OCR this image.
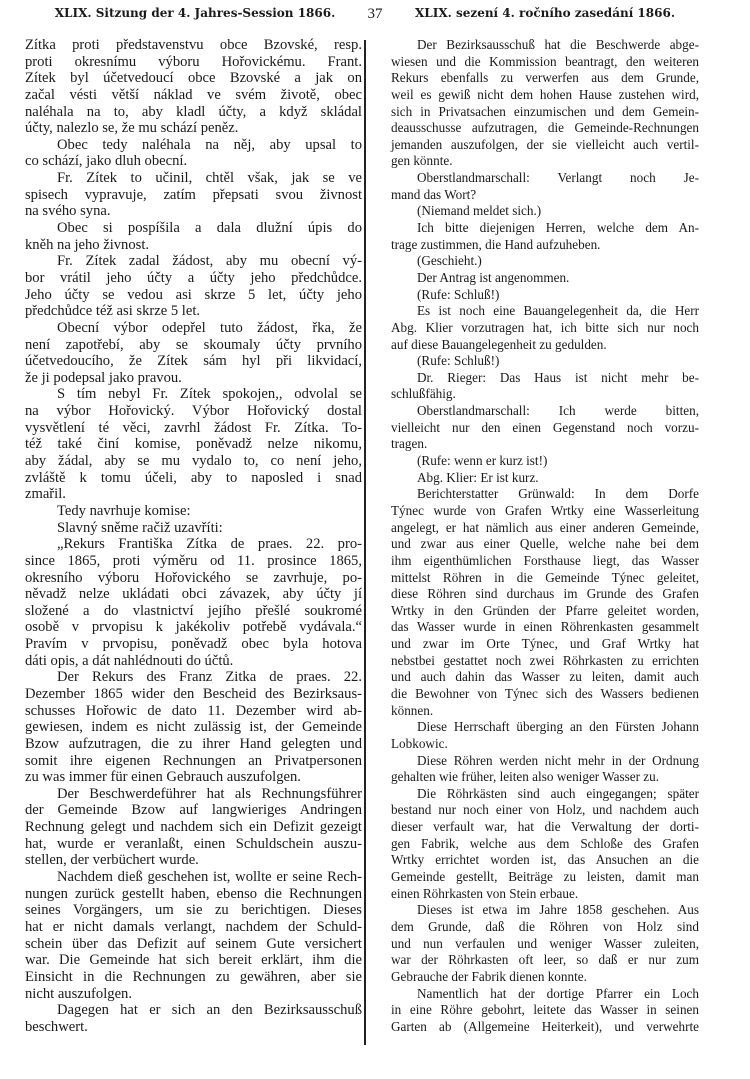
XLIX. Sitzung der 4. Jahres-Session 1866.	37	XLIX. sezení 4. ročního zasedání 1866.
Zítka proti představenstvu obce Bzovské, resp.
proti okresnímu výboru Hořovickému. Frant.
Zítek byl účetvedoucí obce Bzovské a jak on
začal vésti větší náklad ve svém životě, obec
naléhala na to, aby kladl účty, a když skládal
účty, nalezlo se, že mu schází peněz.
Obec tedy naléhala na něj, aby upsal to
co schází, jako dluh obecní.
Fr. Zítek to učinil, chtěl však, jak se ve
spisech vypravuje, zatím přepsati svou živnost
na svého syna.
Obec si pospíšila a dala dlužní úpis do
kněh na jeho živnost.
Fr. Zítek zadal žádost, aby mu obecní vý-
bor vrátil jeho účty a účty jeho předchůdce.
Jeho účty se vedou asi skrze 5 let, účty jeho
předchůdce též asi skrze 5 let.
Obecní výbor odepřel tuto žádost, řka, že
není zapotřebí, aby se skoumaly účty prvního
účetvedoucího, že Zítek sám hyl při likvidací,
že ji podepsal jako pravou.
S tím nebyl Fr. Zítek spokojen,, odvolal se
na výbor Hořovický. Výbor Hořovický dostal
vysvětlení té věci, zavrhl žádost Fr. Zítka. To-
též také činí komise, poněvadž nelze nikomu,
aby žádal, aby se mu vydalo to, co není jeho,
zvláště k tomu účeli, aby to naposled i snad
zmařil.
Tedy navrhuje komise:
Slavný sněme račiž uzavříti:
„Rekurs Františka Zítka de praes. 22. pro-
since 1865, proti výměru od 11. prosince 1865,
okresního výboru Hořovického se zavrhuje, po-
něvadž nelze ukládati obci závazek, aby účty jí
složené a do vlastnictví jejího přešlé soukromé
osobě v prvopisu k jakékoliv potřebě vydávala.“
Pravím v prvopisu, poněvadž obec byla hotova
dáti opis, a dát nahlédnouti do účtů.
Der Rekurs des Franz Zitka de praes. 22.
Dezember 1865 wider den Bescheid des Bezirksaus-
schusses Hořowic de dato 11. Dezember wird ab-
gewiesen, indem es nicht zulässig ist, der Gemeinde
Bzow aufzutragen, die zu ihrer Hand gelegten und
somit ihre eigenen Rechnungen an Privatpersonen
zu was immer für einen Gebrauch auszufolgen.
Der Beschwerdeführer hat als Rechnungsführer
der Gemeinde Bzow auf langwieriges Andringen
Rechnung gelegt und nachdem sich ein Defizit gezeigt
hat, wurde er veranlaßt, einen Schuldschein auszu-
stellen, der verbüchert wurde.
Nachdem dieß geschehen ist, wollte er seine Rech-
nungen zurück gestellt haben, ebenso die Rechnungen
seines Vorgängers, um sie zu berichtigen. Dieses
hat er nicht damals verlangt, nachdem der Schuld-
schein über das Defizit auf seinem Gute versichert
war. Die Gemeinde hat sich bereit erklärt, ihm die
Einsicht in die Rechnungen zu gewähren, aber sie
nicht auszufolgen.
Dagegen hat er sich an den Bezirksausschuß
beschwert.
Der Bezirksausschuß hat die Beschwerde abge-
wiesen und die Kommission beantragt, den weiteren
Rekurs ebenfalls zu verwerfen aus dem Grunde,
weil es gewiß nicht dem hohen Hause zustehen wird,
sich in Privatsachen einzumischen und dem Gemein-
deausschusse aufzutragen, die Gemeinde-Rechnungen
jemanden auszufolgen, der sie vielleicht auch vertil-
gen könnte.
Oberstlandmarschall: Verlangt noch Je-
mand das Wort?
(Niemand meldet sich.)
Ich bitte diejenigen Herren, welche dem An-
trage zustimmen, die Hand aufzuheben.
(Geschieht.)
Der Antrag ist angenommen.
(Rufe: Schluß!)
Es ist noch eine Bauangelegenheit da, die Herr
Abg. Klier vorzutragen hat, ich bitte sich nur noch
auf diese Bauangelegenheit zu gedulden.
(Rufe: Schluß!)
Dr. Rieger: Das Haus ist nicht mehr be-
schlußfähig.
Oberstlandmarschall: Ich werde bitten,
vielleicht nur den einen Gegenstand noch vorzu-
tragen.
(Rufe: wenn er kurz ist!)
Abg. Klier: Er ist kurz.
Berichterstatter Grünwald: In dem Dorfe
Týnec wurde von Grafen Wrtky eine Wasserleitung
angelegt, er hat nämlich aus einer anderen Gemeinde,
und zwar aus einer Quelle, welche nahe bei dem
ihm eigenthümlichen Forsthause liegt, das Wasser
mittelst Röhren in die Gemeinde Týnec geleitet,
diese Röhren sind durchaus im Grunde des Grafen
Wrtky in den Gründen der Pfarre geleitet worden,
das Wasser wurde in einen Röhrenkasten gesammelt
und zwar im Orte Týnec, und Graf Wrtky hat
nebstbei gestattet noch zwei Röhrkasten zu errichten
und auch dahin das Wasser zu leiten, damit auch
die Bewohner von Týnec sich des Wassers bedienen
können.
Diese Herrschaft überging an den Fürsten Johann
Lobkowic.
Diese Röhren werden nicht mehr in der Ordnung
gehalten wie früher, leiten also weniger Wasser zu.
Die Röhrkästen sind auch eingegangen; später
bestand nur noch einer von Holz, und nachdem auch
dieser verfault war, hat die Verwaltung der dorti-
gen Fabrik, welche aus dem Schloße des Grafen
Wrtky errichtet worden ist, das Ansuchen an die
Gemeinde gestellt, Beiträge zu leisten, damit man
einen Röhrkasten von Stein erbaue.
Dieses ist etwa im Jahre 1858 geschehen. Aus
dem Grunde, daß die Röhren von Holz sind
und nun verfaulen und weniger Wasser zuleiten,
war der Röhrkasten oft leer, so daß er nur zum
Gebrauche der Fabrik dienen konnte.
Namentlich hat der dortige Pfarrer ein Loch
in eine Röhre gebohrt, leitete das Wasser in seinen
Garten ab (Allgemeine Heiterkeit), und verwehrte
